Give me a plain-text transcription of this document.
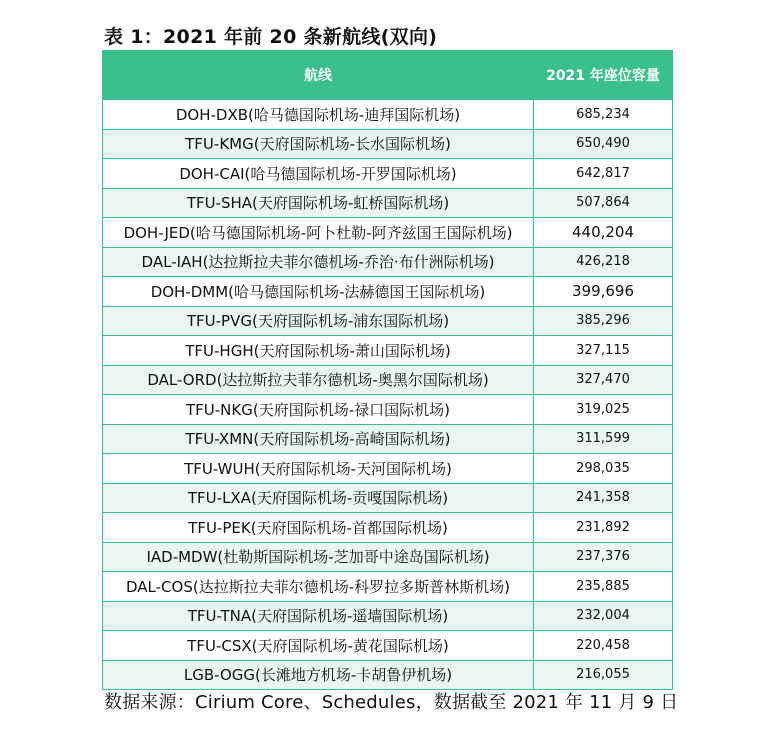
表 1：2021 年前 20 条新航线(双向)
航线	2021 年座位容量
DOH-DXB(哈马德国际机场-迪拜国际机场)	685,234
TFU-KMG(天府国际机场-长水国际机场)	650,490
DOH-CAI(哈马德国际机场-开罗国际机场)	642,817
TFU-SHA(天府国际机场-虹桥国际机场)	507,864
DOH-JED(哈马德国际机场-阿卜杜勒-阿齐兹国王国际机场)	440,204
DAL-IAH(达拉斯拉夫菲尔德机场-乔治·布什洲际机场)	426,218
DOH-DMM(哈马德国际机场-法赫德国王国际机场)	399,696
TFU-PVG(天府国际机场-浦东国际机场)	385,296
TFU-HGH(天府国际机场-萧山国际机场)	327,115
DAL-ORD(达拉斯拉夫菲尔德机场-奥黑尔国际机场)	327,470
TFU-NKG(天府国际机场-禄口国际机场)	319,025
TFU-XMN(天府国际机场-高崎国际机场)	311,599
TFU-WUH(天府国际机场-天河国际机场)	298,035
TFU-LXA(天府国际机场-贡嘎国际机场)	241,358
TFU-PEK(天府国际机场-首都国际机场)	231,892
IAD-MDW(杜勒斯国际机场-芝加哥中途岛国际机场)	237,376
DAL-COS(达拉斯拉夫菲尔德机场-科罗拉多斯普林斯机场)	235,885
TFU-TNA(天府国际机场-遥墙国际机场)	232,004
TFU-CSX(天府国际机场-黄花国际机场)	220,458
LGB-OGG(长滩地方机场-卡胡鲁伊机场)	216,055
数据来源：Cirium Core、Schedules，数据截至 2021 年 11 月 9 日
